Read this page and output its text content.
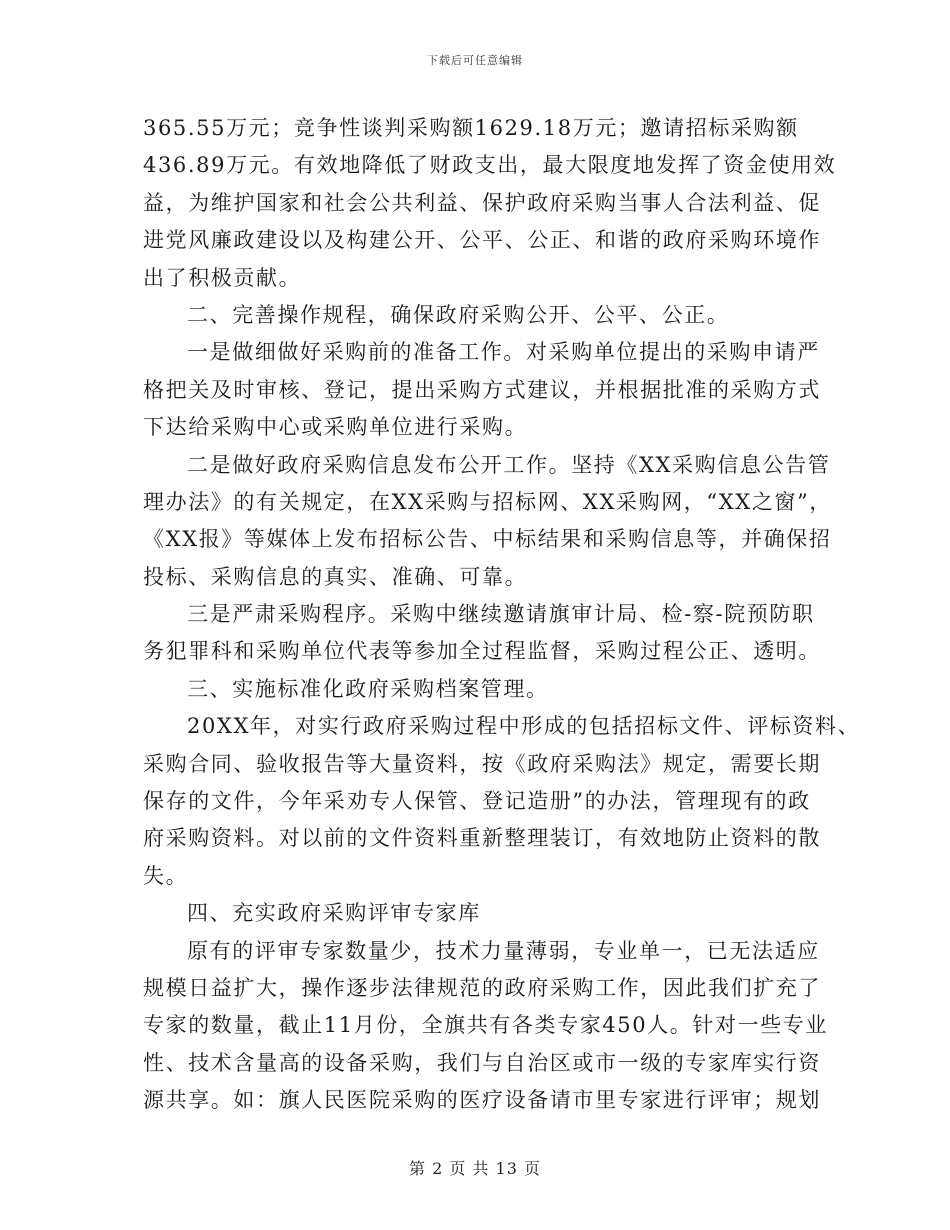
下载后可任意编辑
365.55万元；竞争性谈判采购额1629.18万元；邀请招标采购额
436.89万元。有效地降低了财政支出，最大限度地发挥了资金使用效
益，为维护国家和社会公共利益、保护政府采购当事人合法利益、促
进党风廉政建设以及构建公开、公平、公正、和谐的政府采购环境作
出了积极贡献。
二、完善操作规程，确保政府采购公开、公平、公正。
一是做细做好采购前的准备工作。对采购单位提出的采购申请严
格把关及时审核、登记，提出采购方式建议，并根据批准的采购方式
下达给采购中心或采购单位进行采购。
二是做好政府采购信息发布公开工作。坚持《XX采购信息公告管
理办法》的有关规定，在XX采购与招标网、XX采购网，“XX之窗”，
《XX报》等媒体上发布招标公告、中标结果和采购信息等，并确保招
投标、采购信息的真实、准确、可靠。
三是严肃采购程序。采购中继续邀请旗审计局、检-察-院预防职
务犯罪科和采购单位代表等参加全过程监督，采购过程公正、透明。
三、实施标准化政府采购档案管理。
20XX年，对实行政府采购过程中形成的包括招标文件、评标资料、
采购合同、验收报告等大量资料，按《政府采购法》规定，需要长期
保存的文件，今年采劝专人保管、登记造册”的办法，管理现有的政
府采购资料。对以前的文件资料重新整理装订，有效地防止资料的散
失。
四、充实政府采购评审专家库
原有的评审专家数量少，技术力量薄弱，专业单一，已无法适应
规模日益扩大，操作逐步法律规范的政府采购工作，因此我们扩充了
专家的数量，截止11月份，全旗共有各类专家450人。针对一些专业
性、技术含量高的设备采购，我们与自治区或市一级的专家库实行资
源共享。如：旗人民医院采购的医疗设备请市里专家进行评审；规划
第 2 页 共 13 页
